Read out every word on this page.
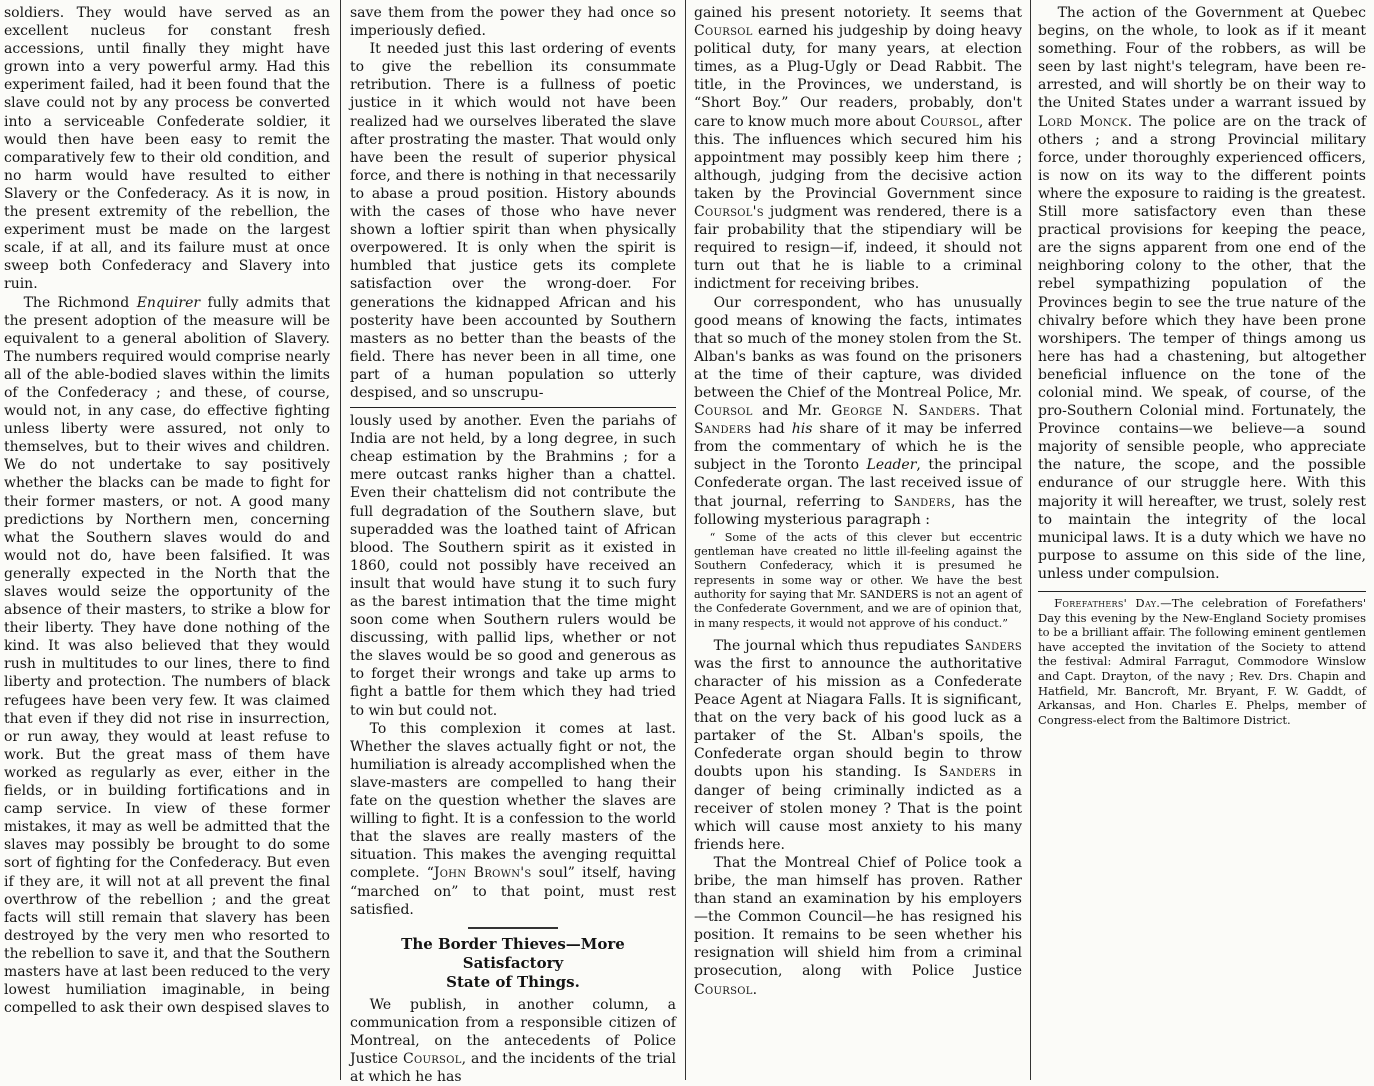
soldiers. They would have served as an excellent nucleus for constant fresh accessions, until finally they might have grown into a very powerful army. Had this experiment failed, had it been found that the slave could not by any process be converted into a serviceable Confederate soldier, it would then have been easy to remit the comparatively few to their old condition, and no harm would have resulted to either Slavery or the Confederacy. As it is now, in the present extremity of the rebellion, the experiment must be made on the largest scale, if at all, and its failure must at once sweep both Confederacy and Slavery into ruin.

The Richmond Enquirer fully admits that the present adoption of the measure will be equivalent to a general abolition of Slavery. The numbers required would comprise nearly all of the able-bodied slaves within the limits of the Confederacy ; and these, of course, would not, in any case, do effective fighting unless liberty were assured, not only to themselves, but to their wives and children. We do not undertake to say positively whether the blacks can be made to fight for their former masters, or not. A good many predictions by Northern men, concerning what the Southern slaves would do and would not do, have been falsified. It was generally expected in the North that the slaves would seize the opportunity of the absence of their masters, to strike a blow for their liberty. They have done nothing of the kind. It was also believed that they would rush in multitudes to our lines, there to find liberty and protection. The numbers of black refugees have been very few. It was claimed that even if they did not rise in insurrection, or run away, they would at least refuse to work. But the great mass of them have worked as regularly as ever, either in the fields, or in building fortifications and in camp service. In view of these former mistakes, it may as well be admitted that the slaves may possibly be brought to do some sort of fighting for the Confederacy. But even if they are, it will not at all prevent the final overthrow of the rebellion ; and the great facts will still remain that slavery has been destroyed by the very men who resorted to the rebellion to save it, and that the Southern masters have at last been reduced to the very lowest humiliation imaginable, in being compelled to ask their own despised slaves to

save them from the power they had once so imperiously defied.

It needed just this last ordering of events to give the rebellion its consummate retribution. There is a fullness of poetic justice in it which would not have been realized had we ourselves liberated the slave after prostrating the master. That would only have been the result of superior physical force, and there is nothing in that necessarily to abase a proud position. History abounds with the cases of those who have never shown a loftier spirit than when physically overpowered. It is only when the spirit is humbled that justice gets its complete satisfaction over the wrong-doer. For generations the kidnapped African and his posterity have been accounted by Southern masters as no better than the beasts of the field. There has never been in all time, one part of a human population so utterly despised, and so unscrupu-

lously used by another. Even the pariahs of India are not held, by a long degree, in such cheap estimation by the Brahmins ; for a mere outcast ranks higher than a chattel. Even their chattelism did not contribute the full degradation of the Southern slave, but superadded was the loathed taint of African blood. The Southern spirit as it existed in 1860, could not possibly have received an insult that would have stung it to such fury as the barest intimation that the time might soon come when Southern rulers would be discussing, with pallid lips, whether or not the slaves would be so good and generous as to forget their wrongs and take up arms to fight a battle for them which they had tried to win but could not.

To this complexion it comes at last. Whether the slaves actually fight or not, the humiliation is already accomplished when the slave-masters are compelled to hang their fate on the question whether the slaves are willing to fight. It is a confession to the world that the slaves are really masters of the situation. This makes the avenging requittal complete. “John Brown's soul” itself, having “marched on” to that point, must rest satisfied.

The Border Thieves—More Satisfactory
State of Things.

We publish, in another column, a communication from a responsible citizen of Montreal, on the antecedents of Police Justice Coursol, and the incidents of the trial at which he has

gained his present notoriety. It seems that Coursol earned his judgeship by doing heavy political duty, for many years, at election times, as a Plug-Ugly or Dead Rabbit. The title, in the Provinces, we understand, is “Short Boy.” Our readers, probably, don't care to know much more about Coursol, after this. The influences which secured him his appointment may possibly keep him there ; although, judging from the decisive action taken by the Provincial Government since Coursol's judgment was rendered, there is a fair probability that the stipendiary will be required to resign—if, indeed, it should not turn out that he is liable to a criminal indictment for receiving bribes.

Our correspondent, who has unusually good means of knowing the facts, intimates that so much of the money stolen from the St. Alban's banks as was found on the prisoners at the time of their capture, was divided between the Chief of the Montreal Police, Mr. Coursol and Mr. George N. Sanders. That Sanders had his share of it may be inferred from the commentary of which he is the subject in the Toronto Leader, the principal Confederate organ. The last received issue of that journal, referring to Sanders, has the following mysterious paragraph :

“ Some of the acts of this clever but eccentric gentleman have created no little ill-feeling against the Southern Confederacy, which it is presumed he represents in some way or other. We have the best authority for saying that Mr. SANDERS is not an agent of the Confederate Government, and we are of opinion that, in many respects, it would not approve of his conduct.”

The journal which thus repudiates Sanders was the first to announce the authoritative character of his mission as a Confederate Peace Agent at Niagara Falls. It is significant, that on the very back of his good luck as a partaker of the St. Alban's spoils, the Confederate organ should begin to throw doubts upon his standing. Is Sanders in danger of being criminally indicted as a receiver of stolen money ? That is the point which will cause most anxiety to his many friends here.

That the Montreal Chief of Police took a bribe, the man himself has proven. Rather than stand an examination by his employers —the Common Council—he has resigned his position. It remains to be seen whether his resignation will shield him from a criminal prosecution, along with Police Justice Coursol.

The action of the Government at Quebec begins, on the whole, to look as if it meant something. Four of the robbers, as will be seen by last night's telegram, have been re-arrested, and will shortly be on their way to the United States under a warrant issued by Lord Monck. The police are on the track of others ; and a strong Provincial military force, under thoroughly experienced officers, is now on its way to the different points where the exposure to raiding is the greatest. Still more satisfactory even than these practical provisions for keeping the peace, are the signs apparent from one end of the neighboring colony to the other, that the rebel sympathizing population of the Provinces begin to see the true nature of the chivalry before which they have been prone worshipers. The temper of things among us here has had a chastening, but altogether beneficial influence on the tone of the colonial mind. We speak, of course, of the pro-Southern Colonial mind. Fortunately, the Province contains—we believe—a sound majority of sensible people, who appreciate the nature, the scope, and the possible endurance of our struggle here. With this majority it will hereafter, we trust, solely rest to maintain the integrity of the local municipal laws. It is a duty which we have no purpose to assume on this side of the line, unless under compulsion.

Forefathers' Day.—The celebration of Forefathers' Day this evening by the New-England Society promises to be a brilliant affair. The following eminent gentlemen have accepted the invitation of the Society to attend the festival: Admiral Farragut, Commodore Winslow and Capt. Drayton, of the navy ; Rev. Drs. Chapin and Hatfield, Mr. Bancroft, Mr. Bryant, F. W. Gaddt, of Arkansas, and Hon. Charles E. Phelps, member of Congress-elect from the Baltimore District.
